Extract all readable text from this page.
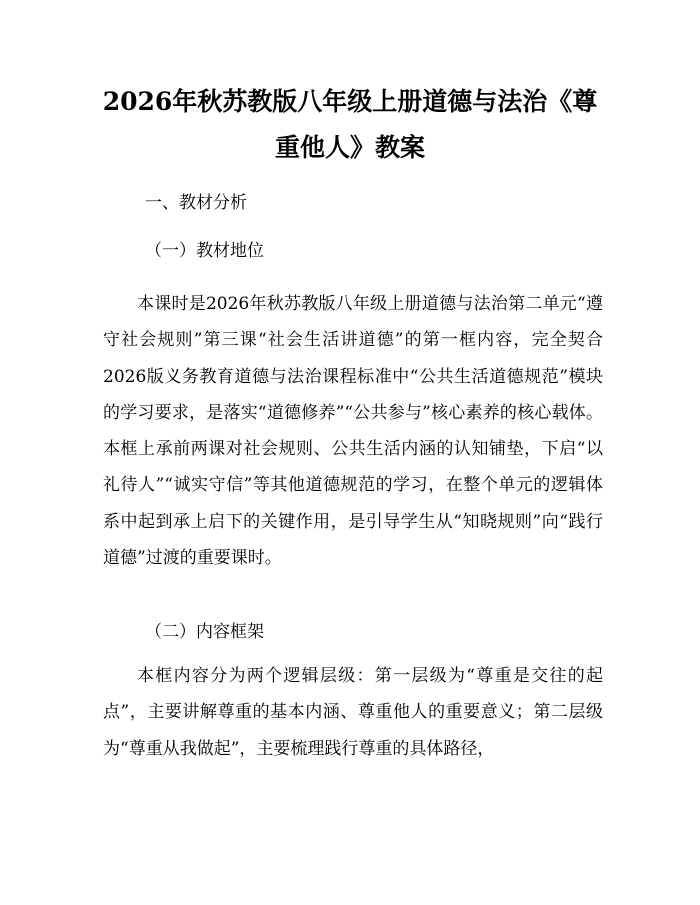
2026年秋苏教版八年级上册道德与法治《尊
重他人》教案
一、教材分析
（一）教材地位

本课时是2026年秋苏教版八年级上册道德与法治第二单元“遵守社会规则”第三课“社会生活讲道德”的第一框内容，完全契合2026版义务教育道德与法治课程标准中“公共生活道德规范”模块的学习要求，是落实“道德修养”“公共参与”核心素养的核心载体。本框上承前两课对社会规则、公共生活内涵的认知铺垫，下启“以礼待人”“诚实守信”等其他道德规范的学习，在整个单元的逻辑体系中起到承上启下的关键作用，是引导学生从“知晓规则”向“践行道德”过渡的重要课时。

（二）内容框架

本框内容分为两个逻辑层级：第一层级为“尊重是交往的起点”，主要讲解尊重的基本内涵、尊重他人的重要意义；第二层级为“尊重从我做起”，主要梳理践行尊重的具体路径，
